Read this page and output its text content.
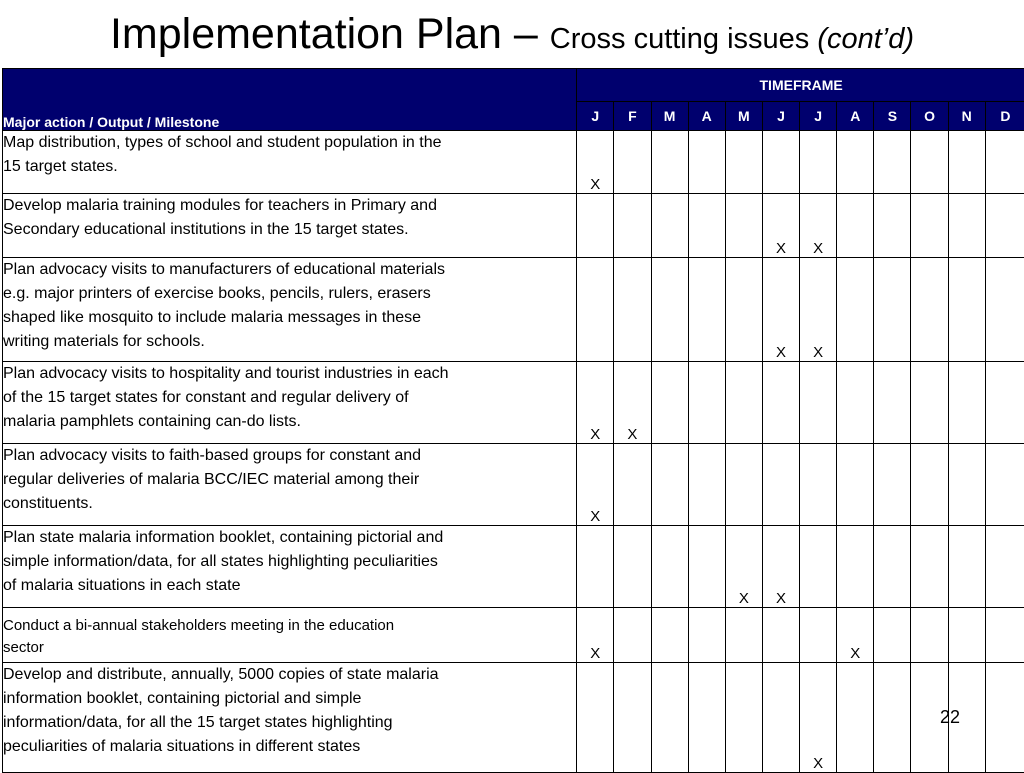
Implementation Plan – Cross cutting issues (cont’d)
Major action / Output / Milestone	TIMEFRAME											
	J	F	M	A	M	J	J	A	S	O	N	D
Map distribution, types of school and student population in the
15 target states.	X											
Develop malaria training modules for teachers in Primary and
Secondary educational institutions in the 15 target states.						X	X					
Plan advocacy visits to manufacturers of educational materials
e.g. major printers of exercise books, pencils, rulers, erasers
shaped like mosquito to include malaria messages in these
writing materials for schools.						X	X					
Plan advocacy visits to hospitality and tourist industries in each
of the 15 target states for constant and regular delivery of
malaria pamphlets containing can-do lists.	X	X										
Plan advocacy visits to faith-based groups for constant and
regular deliveries of malaria BCC/IEC material among their
constituents.	X											
Plan state malaria information booklet, containing pictorial and
simple information/data, for all states highlighting peculiarities
of malaria situations in each state					X	X						
Conduct a bi-annual stakeholders meeting in the education
sector	X							X				
Develop and distribute, annually, 5000 copies of state malaria
information booklet, containing pictorial and simple
information/data, for all the 15 target states highlighting
peculiarities of malaria situations in different states							X					
22
